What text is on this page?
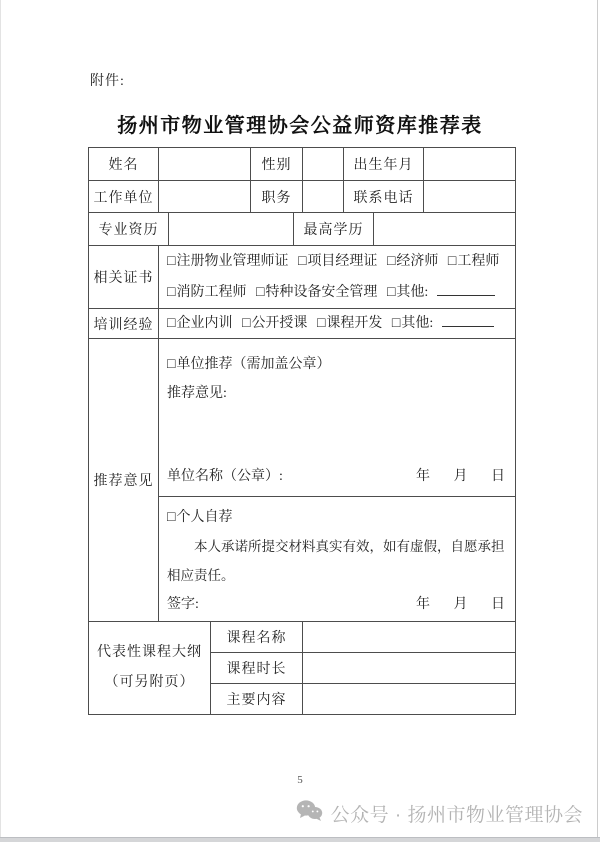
附件:
扬州市物业管理协会公益师资库推荐表
姓名		性别		出生年月	
工作单位		职务		联系电话	
专业资历		最高学历	
相关证书	
□注册物业管理师证 □项目经理证 □经济师 □工程师
□消防工程师 □特种设备安全管理 □其他:
培训经验	□企业内训 □公开授课 □课程开发 □其他:
推荐意见	
□单位推荐（需加盖公章）
推荐意见:
单位名称（公章）:	年 月 日

□个人自荐

本人承诺所提交材料真实有效，如有虚假，自愿承担相应责任。

签字:	年 月 日
代表性课程大纲
（可另附页）	课程名称	
	课程时长	
	主要内容	
5
公众号 · 扬州市物业管理协会
